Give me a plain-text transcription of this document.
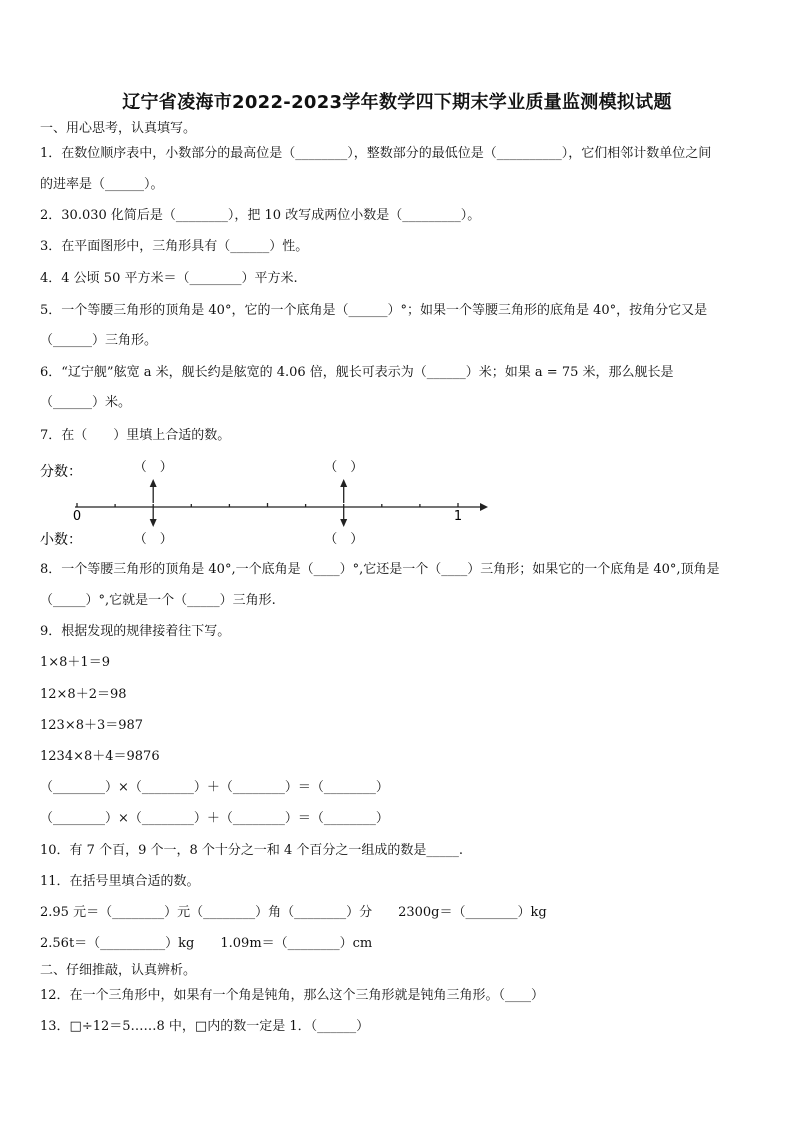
辽宁省凌海市2022-2023学年数学四下期末学业质量监测模拟试题
一、用心思考，认真填写。
1．在数位顺序表中，小数部分的最高位是（________），整数部分的最低位是（__________），它们相邻计数单位之间
的进率是（______）。
2．30.030 化简后是（________），把 10 改写成两位小数是（_________）。
3．在平面图形中，三角形具有（______）性。
4．4 公顷 50 平方米＝（________）平方米.
5．一个等腰三角形的顶角是 40°，它的一个底角是（______）°；如果一个等腰三角形的底角是 40°，按角分它又是
（______）三角形。
6．“辽宁舰”舷宽 a 米，舰长约是舷宽的 4.06 倍，舰长可表示为（______）米；如果 a = 75 米，那么舰长是
（______）米。
7．在（　　）里填上合适的数。
分数：
小数：
（　）
（　）
（　）
（　）
0	1
8．一个等腰三角形的顶角是 40°,一个底角是（____）°,它还是一个（____）三角形；如果它的一个底角是 40°,顶角是
（_____）°,它就是一个（_____）三角形.
9．根据发现的规律接着往下写。
1×8＋1＝9
12×8＋2＝98
123×8＋3＝987
1234×8＋4＝9876
（________）×（________）＋（________）＝（________）
（________）×（________）＋（________）＝（________）
10．有 7 个百，9 个一，8 个十分之一和 4 个百分之一组成的数是_____.
11．在括号里填合适的数。
2.95 元＝（________）元（________）角（________）分　　2300g＝（________）kg
2.56t＝（__________）kg　　1.09m＝（________）cm
二、仔细推敲，认真辨析。
12．在一个三角形中，如果有一个角是钝角，那么这个三角形就是钝角三角形。（____）
13．□÷12＝5……8 中，□内的数一定是 1．（______）
